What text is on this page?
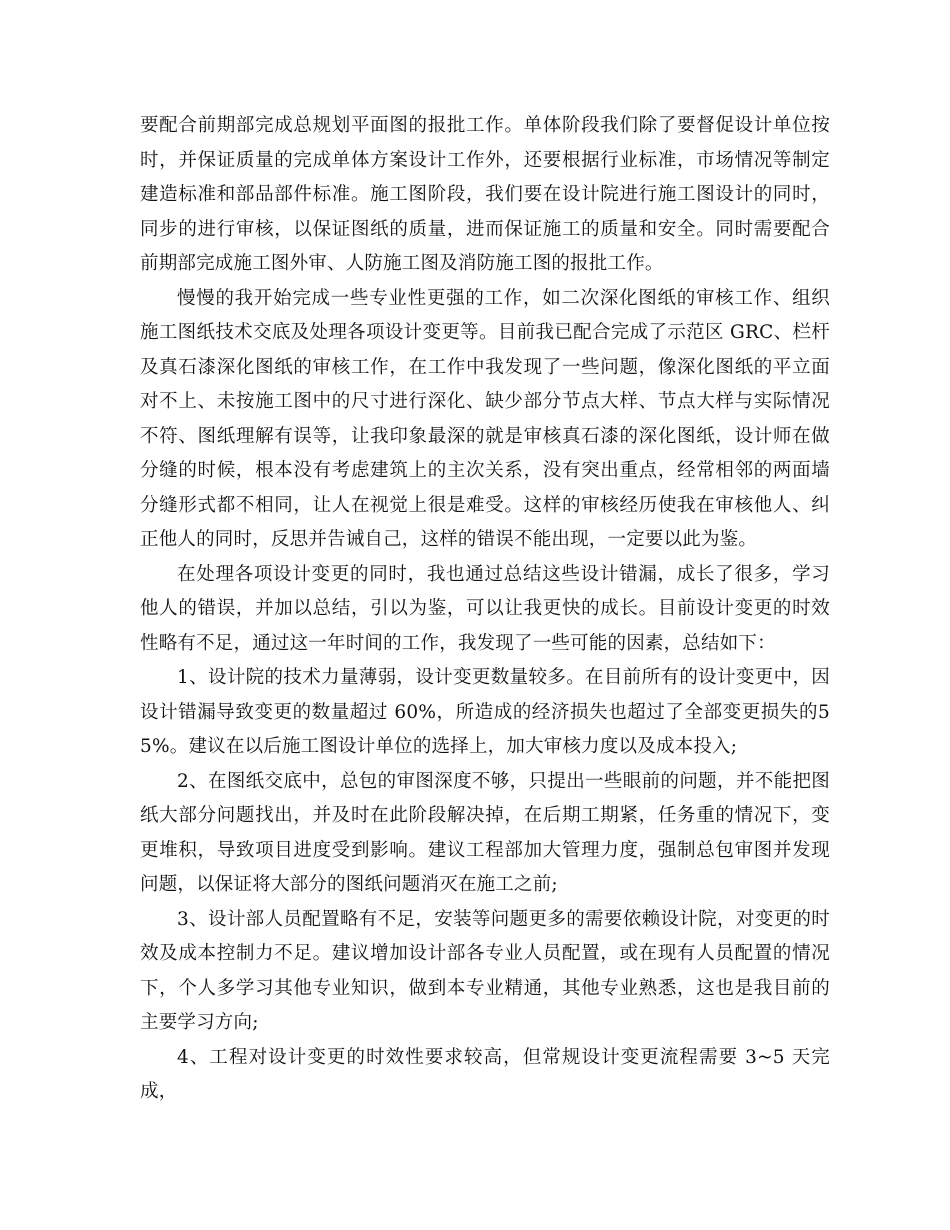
要配合前期部完成总规划平面图的报批工作。单体阶段我们除了要督促设计单位按时，并保证质量的完成单体方案设计工作外，还要根据行业标准，市场情况等制定建造标准和部品部件标准。施工图阶段，我们要在设计院进行施工图设计的同时，同步的进行审核，以保证图纸的质量，进而保证施工的质量和安全。同时需要配合前期部完成施工图外审、人防施工图及消防施工图的报批工作。

慢慢的我开始完成一些专业性更强的工作，如二次深化图纸的审核工作、组织施工图纸技术交底及处理各项设计变更等。目前我已配合完成了示范区 GRC、栏杆及真石漆深化图纸的审核工作，在工作中我发现了一些问题，像深化图纸的平立面对不上、未按施工图中的尺寸进行深化、缺少部分节点大样、节点大样与实际情况不符、图纸理解有误等，让我印象最深的就是审核真石漆的深化图纸，设计师在做分缝的时候，根本没有考虑建筑上的主次关系，没有突出重点，经常相邻的两面墙分缝形式都不相同，让人在视觉上很是难受。这样的审核经历使我在审核他人、纠正他人的同时，反思并告诫自己，这样的错误不能出现，一定要以此为鉴。

在处理各项设计变更的同时，我也通过总结这些设计错漏，成长了很多，学习他人的错误，并加以总结，引以为鉴，可以让我更快的成长。目前设计变更的时效性略有不足，通过这一年时间的工作，我发现了一些可能的因素，总结如下：

1、设计院的技术力量薄弱，设计变更数量较多。在目前所有的设计变更中，因设计错漏导致变更的数量超过 60%，所造成的经济损失也超过了全部变更损失的55%。建议在以后施工图设计单位的选择上，加大审核力度以及成本投入;

2、在图纸交底中，总包的审图深度不够，只提出一些眼前的问题，并不能把图纸大部分问题找出，并及时在此阶段解决掉，在后期工期紧，任务重的情况下，变更堆积，导致项目进度受到影响。建议工程部加大管理力度，强制总包审图并发现问题，以保证将大部分的图纸问题消灭在施工之前;

3、设计部人员配置略有不足，安装等问题更多的需要依赖设计院，对变更的时效及成本控制力不足。建议增加设计部各专业人员配置，或在现有人员配置的情况下，个人多学习其他专业知识，做到本专业精通，其他专业熟悉，这也是我目前的主要学习方向;

4、工程对设计变更的时效性要求较高，但常规设计变更流程需要 3~5 天完成，
